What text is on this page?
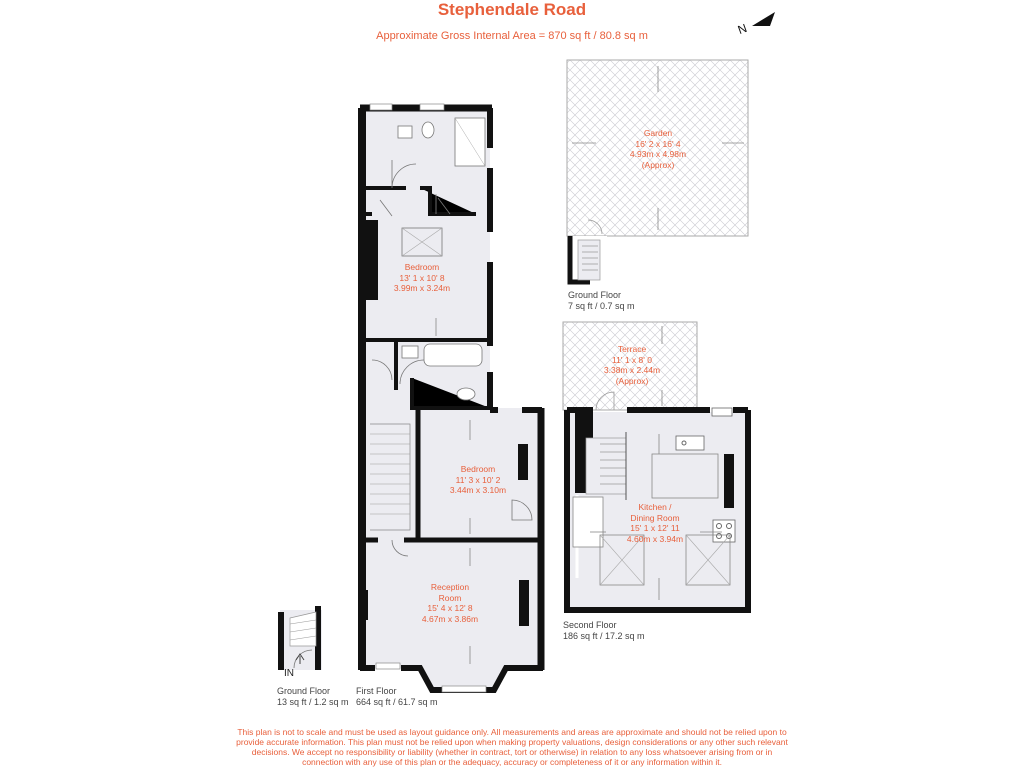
Stephendale Road
Approximate Gross Internal Area = 870 sq ft / 80.8 sq m	N
Garden
16' 2 x 16' 4
4.93m x 4.98m
(Approx)
Bedroom
13' 1 x 10' 8
3.99m x 3.24m
Terrace
11' 1 x 8' 0
3.38m x 2.44m
(Approx)
Bedroom
11' 3 x 10' 2
3.44m x 3.10m
Kitchen /
Dining Room
15' 1 x 12' 11
4.60m x 3.94m
Reception
Room
15' 4 x 12' 8
4.67m x 3.86m
Ground Floor
7 sq ft / 0.7 sq m
Second Floor
186 sq ft / 17.2 sq m
Ground Floor
13 sq ft / 1.2 sq m
First Floor
664 sq ft / 61.7 sq m
IN
This plan is not to scale and must be used as layout guidance only. All measurements and areas are approximate and should not be relied upon to
provide accurate information. This plan must not be relied upon when making property valuations, design considerations or any other such relevant
decisions. We accept no responsibility or liability (whether in contract, tort or otherwise) in relation to any loss whatsoever arising from or in
connection with any use of this plan or the adequacy, accuracy or completeness of it or any information within it.
